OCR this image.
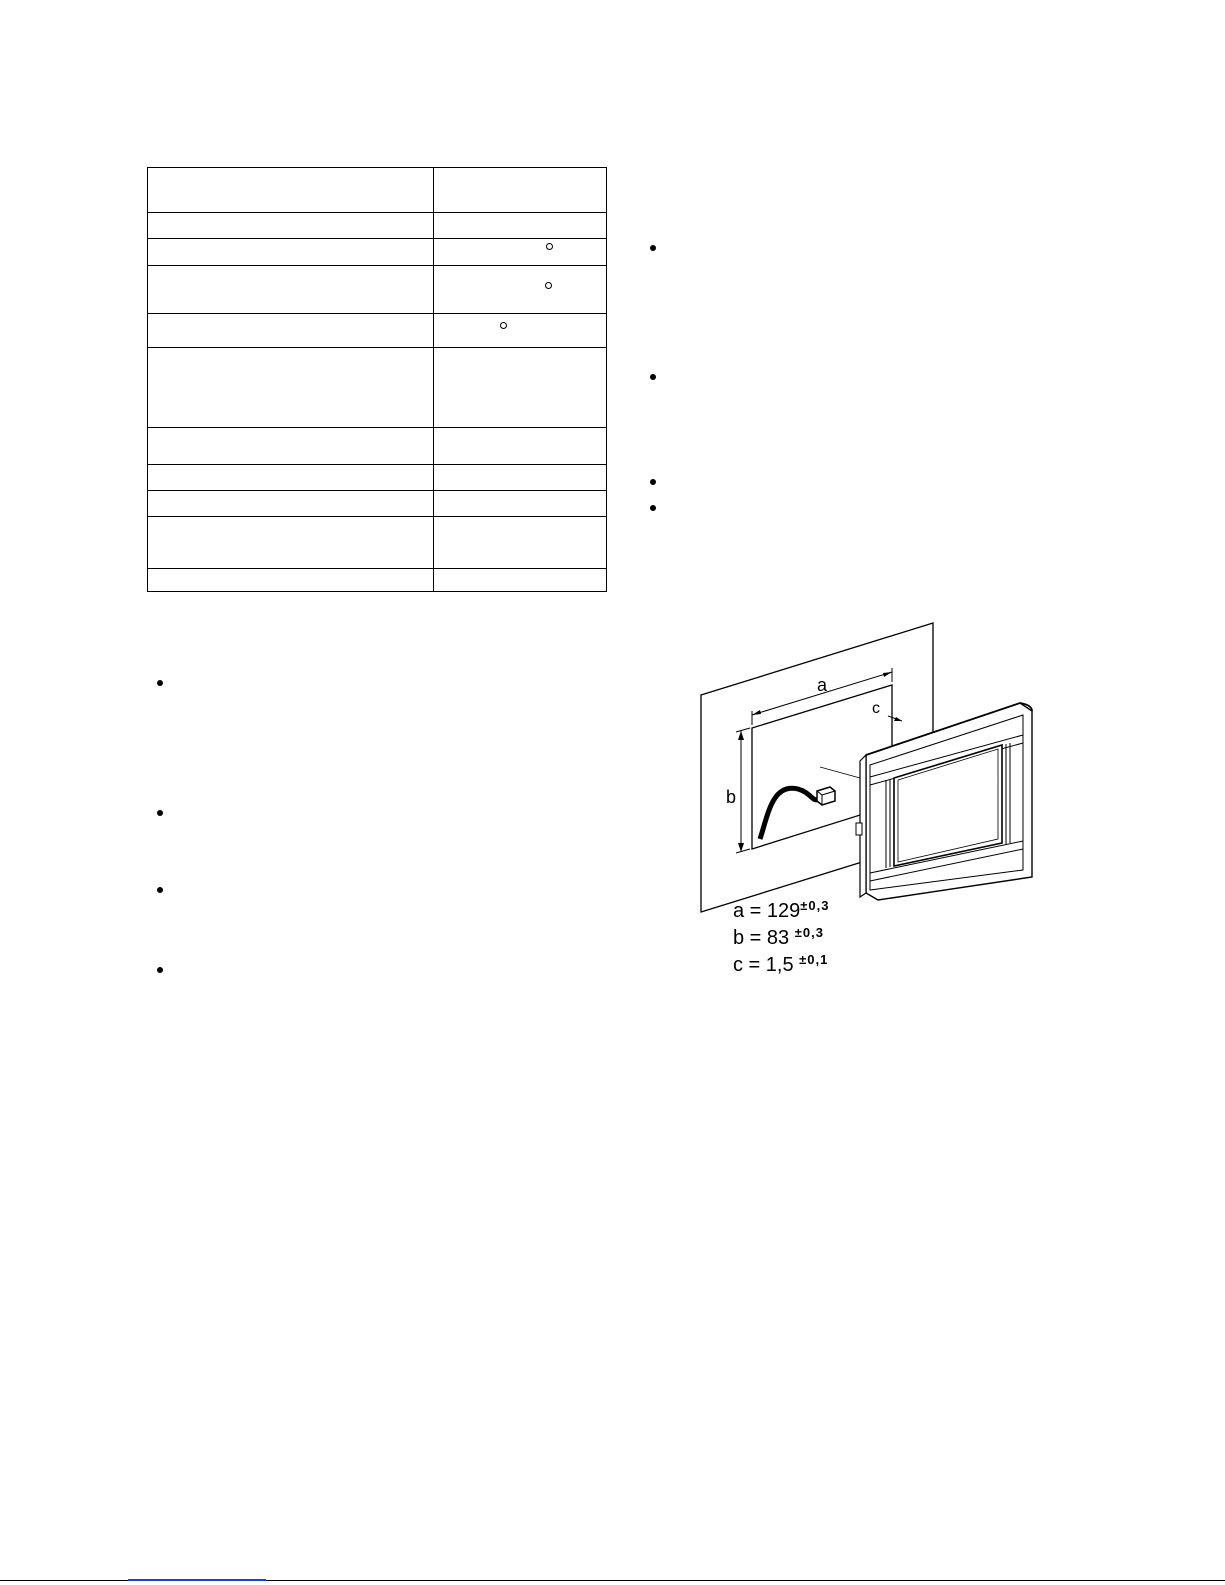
a
b
c
$a = 129^{\pm 0,3}$
b = 83 $^{\pm 0,3}$
c = 1,5 $^{\pm 0,1}$
